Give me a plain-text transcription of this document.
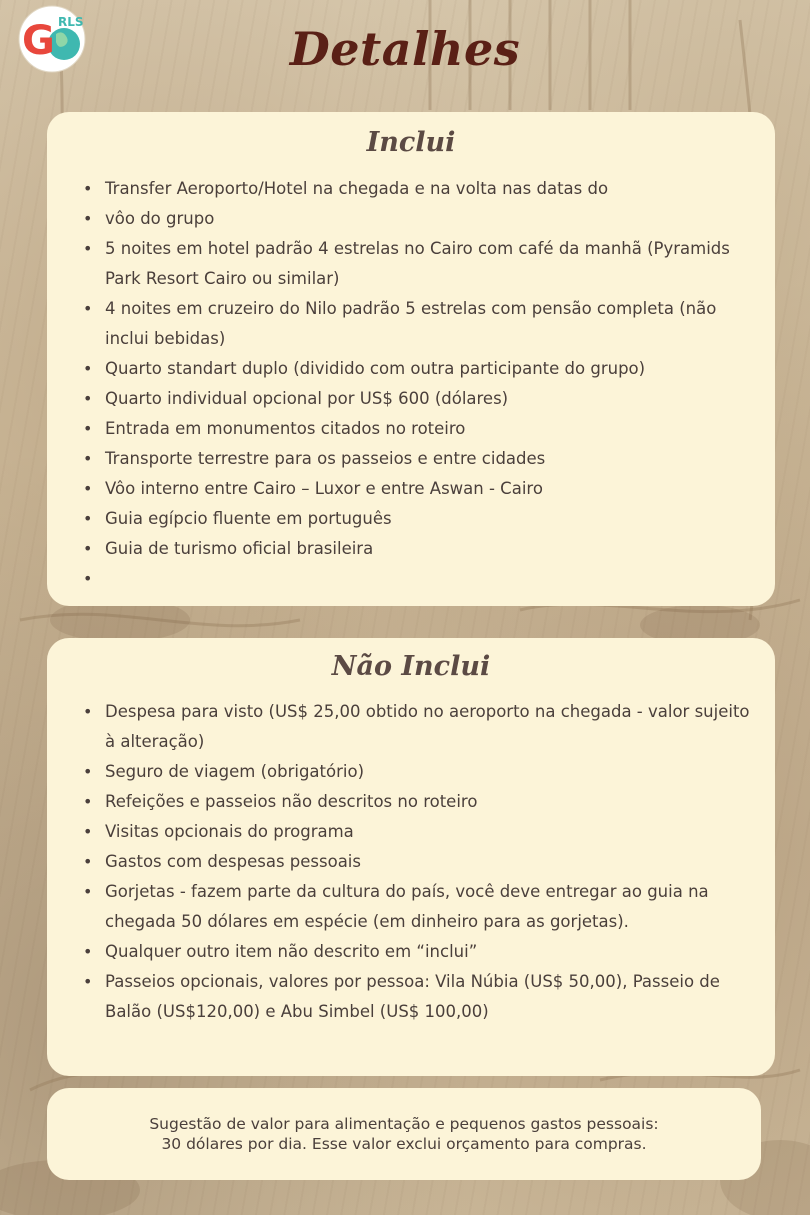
G RLS	Detalhes
Inclui
• Transfer Aeroporto/Hotel na chegada e na volta nas datas do
• vôo do grupo
• 5 noites em hotel padrão 4 estrelas no Cairo com café da manhã (Pyramids Park Resort Cairo ou similar)
• 4 noites em cruzeiro do Nilo padrão 5 estrelas com pensão completa (não inclui bebidas)
• Quarto standart duplo (dividido com outra participante do grupo)
• Quarto individual opcional por US$ 600 (dólares)
• Entrada em monumentos citados no roteiro
• Transporte terrestre para os passeios e entre cidades
• Vôo interno entre Cairo – Luxor e entre Aswan - Cairo
• Guia egípcio fluente em português
• Guia de turismo oficial brasileira
Não Inclui
• Despesa para visto (US$ 25,00 obtido no aeroporto na chegada - valor sujeito à alteração)
• Seguro de viagem (obrigatório)
• Refeições e passeios não descritos no roteiro
• Visitas opcionais do programa
• Gastos com despesas pessoais
• Gorjetas - fazem parte da cultura do país, você deve entregar ao guia na chegada 50 dólares em espécie (em dinheiro para as gorjetas).
• Qualquer outro item não descrito em “inclui”
• Passeios opcionais, valores por pessoa: Vila Núbia (US$ 50,00), Passeio de Balão (US$120,00) e Abu Simbel (US$ 100,00)
Sugestão de valor para alimentação e pequenos gastos pessoais:
30 dólares por dia. Esse valor exclui orçamento para compras.
